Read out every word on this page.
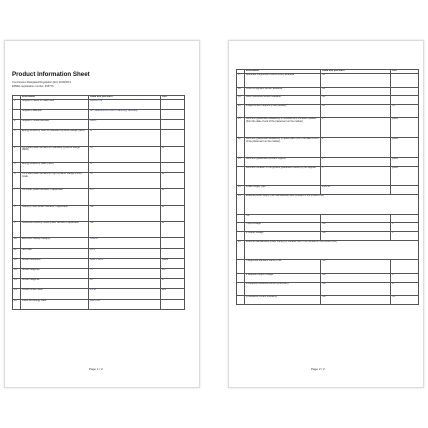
Product Information Sheet
Commission Delegated Regulation (EU) 2019/2013
EPREL registration number: 495776
	Information	Value and precision	Unit
1	Supplier's name or trade mark	GIGABYTE	
	Supplier's address	Am Stadtrand 63, 22047 Hamburg, Germany	
2	Supplier's model identifier	M28U	
3	Energy efficiency class for standard Dynamic Range (SDR)	G	
4	On mode power demand for Standard Dynamic Range (SDR)	33	W
5	Energy efficiency class (HDR)	G	
6	On mode power demand in High Dynamic Range (HDR) mode	55	W
7	Off mode, power demand, if applicable	0.3	W
8	Standby mode power demand, if applicable	n/a	W
9	Networked standby mode power demand if applicable	n/a	W
10	Electronic display category	monitor	
11	Size ratio	16:9	
12	Screen resolution	3840 x 2160	pixels
13	Screen diagonal	71	cm
14	Screen diagonal	28	in
15	Visible screen area	21.18	dm²
16	Panel technology used	LED LCD	
Page 1 / 2
	Information	Value and precision	Unit
17	Automatic Brightness Control (ABC) available	No	
18	Voice recognition sensor available	No	
19	Room presence sensor available	No	
20	Image refresh frequency rate (default)	60	Hz
21	Minimum guaranteed availability of software and firmware updates (from the date of end of the placement on the market)	2	years
22	Minimum guaranteed availability of spare parts (from the date of end of the placement on the market)	2	years
23	Minimum guaranteed product support	2	years
	Minimum duration of the general guarantee offered by the supplier	3	years
24	Power supply type	internal	
25	External power supply (non-standardised and included in the product box)		
	n/a		
	i Input voltage	n/a	V
	ii Output voltage	n/a	V
26	External standardised power supply (or suitable one if not included in the product box)		
	i Supported standard name or list	n/a	
	ii Required output voltage	n/a	V
	iii Required delivered current (minimum)	n/a	A
	iv Required current frequency	n/a	Hz
Page 2 / 2
